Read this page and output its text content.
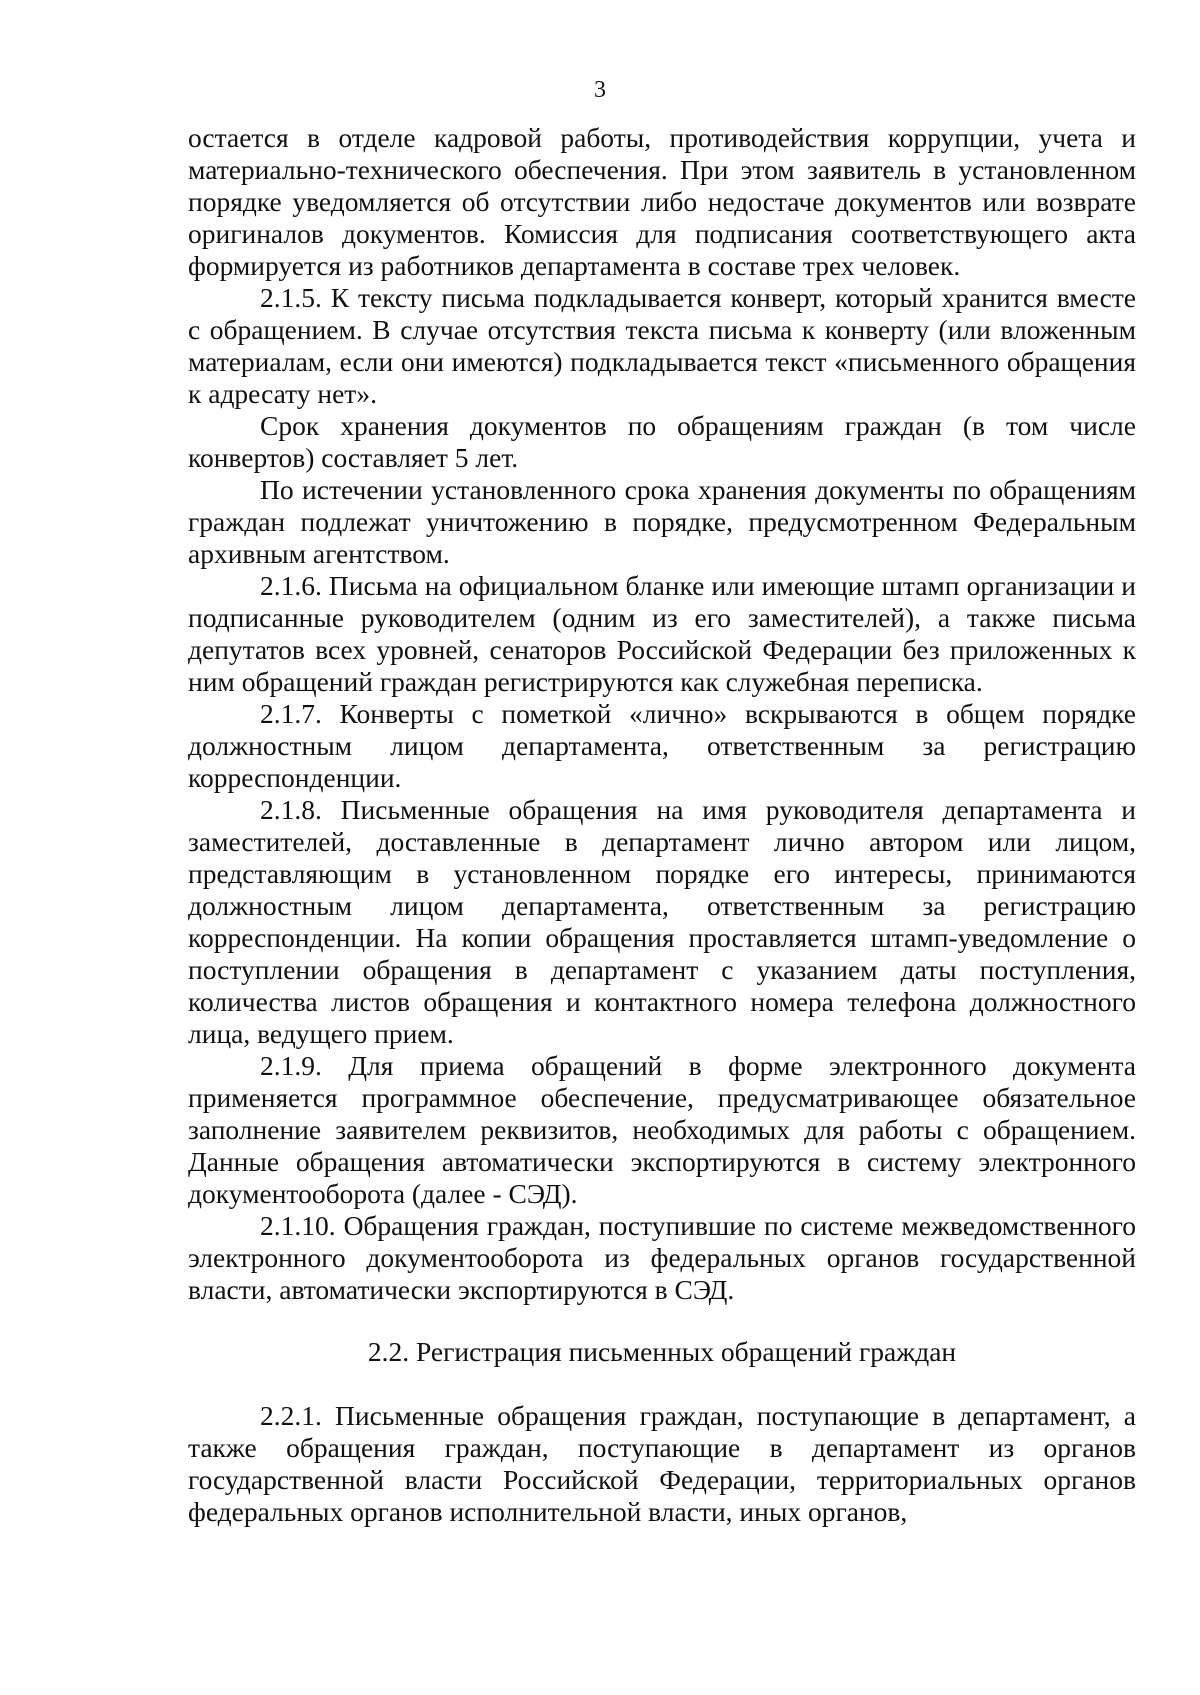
3

остается в отделе кадровой работы, противодействия коррупции, учета и материально-технического обеспечения. При этом заявитель в установленном порядке уведомляется об отсутствии либо недостаче документов или возврате оригиналов документов. Комиссия для подписания соответствующего акта формируется из работников департамента в составе трех человек.

2.1.5. К тексту письма подкладывается конверт, который хранится вместе с обращением. В случае отсутствия текста письма к конверту (или вложенным материалам, если они имеются) подкладывается текст «письменного обращения к адресату нет».

Срок хранения документов по обращениям граждан (в том числе конвертов) составляет 5 лет.

По истечении установленного срока хранения документы по обращениям граждан подлежат уничтожению в порядке, предусмотренном Федеральным архивным агентством.

2.1.6. Письма на официальном бланке или имеющие штамп организации и подписанные руководителем (одним из его заместителей), а также письма депутатов всех уровней, сенаторов Российской Федерации без приложенных к ним обращений граждан регистрируются как служебная переписка.

2.1.7. Конверты с пометкой «лично» вскрываются в общем порядке должностным лицом департамента, ответственным за регистрацию корреспонденции.

2.1.8. Письменные обращения на имя руководителя департамента и заместителей, доставленные в департамент лично автором или лицом, представляющим в установленном порядке его интересы, принимаются должностным лицом департамента, ответственным за регистрацию корреспонденции. На копии обращения проставляется штамп-уведомление о поступлении обращения в департамент с указанием даты поступления, количества листов обращения и контактного номера телефона должностного лица, ведущего прием.

2.1.9. Для приема обращений в форме электронного документа применяется программное обеспечение, предусматривающее обязательное заполнение заявителем реквизитов, необходимых для работы с обращением. Данные обращения автоматически экспортируются в систему электронного документооборота (далее - СЭД).

2.1.10. Обращения граждан, поступившие по системе межведомственного электронного документооборота из федеральных органов государственной власти, автоматически экспортируются в СЭД.

2.2. Регистрация письменных обращений граждан

2.2.1. Письменные обращения граждан, поступающие в департамент, а также обращения граждан, поступающие в департамент из органов государственной власти Российской Федерации, территориальных органов федеральных органов исполнительной власти, иных органов,
